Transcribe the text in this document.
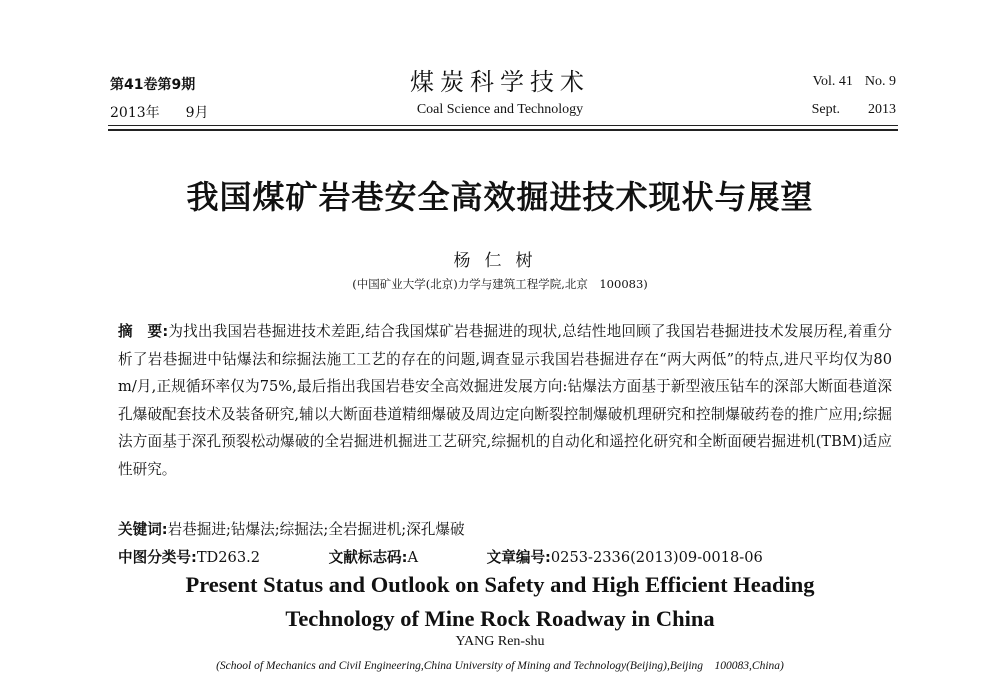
第41卷第9期
2013年 9月
煤炭科学技术
Coal Science and Technology
Vol. 41 No. 9
Sept. 2013
我国煤矿岩巷安全高效掘进技术现状与展望
杨仁树
(中国矿业大学(北京)力学与建筑工程学院,北京　100083)
摘　要:为找出我国岩巷掘进技术差距,结合我国煤矿岩巷掘进的现状,总结性地回顾了我国岩巷掘进技术发展历程,着重分析了岩巷掘进中钻爆法和综掘法施工工艺的存在的问题,调查显示我国岩巷掘进存在“两大两低”的特点,进尺平均仅为80 m/月,正规循环率仅为75%,最后指出我国岩巷安全高效掘进发展方向:钻爆法方面基于新型液压钻车的深部大断面巷道深孔爆破配套技术及装备研究,辅以大断面巷道精细爆破及周边定向断裂控制爆破机理研究和控制爆破药卷的推广应用;综掘法方面基于深孔预裂松动爆破的全岩掘进机掘进工艺研究,综掘机的自动化和遥控化研究和全断面硬岩掘进机(TBM)适应性研究。
关键词:岩巷掘进;钻爆法;综掘法;全岩掘进机;深孔爆破
中图分类号:TD263.2	文献标志码:A	文章编号:0253-2336(2013)09-0018-06
Present Status and Outlook on Safety and High Efficient Heading
Technology of Mine Rock Roadway in China
YANG Ren-shu
(School of Mechanics and Civil Engineering,China University of Mining and Technology(Beijing),Beijing　100083,China)
